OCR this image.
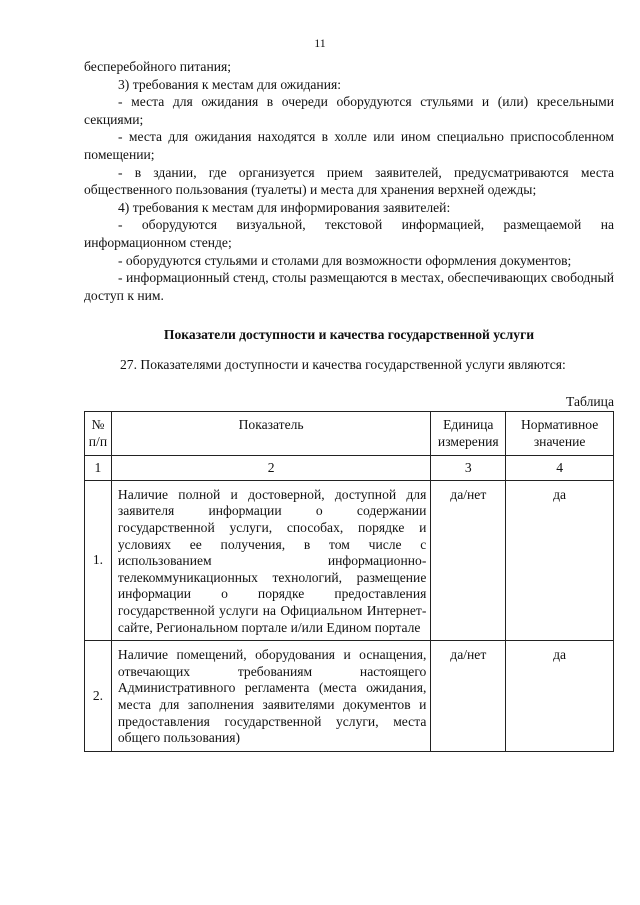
11

бесперебойного питания;

3) требования к местам для ожидания:

- места для ожидания в очереди оборудуются стульями и (или) кресельными секциями;

- места для ожидания находятся в холле или ином специально приспособленном помещении;

- в здании, где организуется прием заявителей, предусматриваются места общественного пользования (туалеты) и места для хранения верхней одежды;

4) требования к местам для информирования заявителей:

- оборудуются визуальной, текстовой информацией, размещаемой на информационном стенде;

- оборудуются стульями и столами для возможности оформления документов;

- информационный стенд, столы размещаются в местах, обеспечивающих свободный доступ к ним.

Показатели доступности и качества государственной услуги

27. Показателями доступности и качества государственной услуги являются:

Таблица

№ п/п	Показатель	Единица измерения	Нормативное значение
1	2	3	4
1.	Наличие полной и достоверной, доступной для заявителя информации о содержании государственной услуги, способах, порядке и условиях ее получения, в том числе с использованием информационно-телекоммуникационных технологий, размещение информации о порядке предоставления государственной услуги на Официальном Интернет-сайте, Региональном портале и/или Едином портале	да/нет	да
2.	Наличие помещений, оборудования и оснащения, отвечающих требованиям настоящего Административного регламента (места ожидания, места для заполнения заявителями документов и предоставления государственной услуги, места общего пользования)	да/нет	да
